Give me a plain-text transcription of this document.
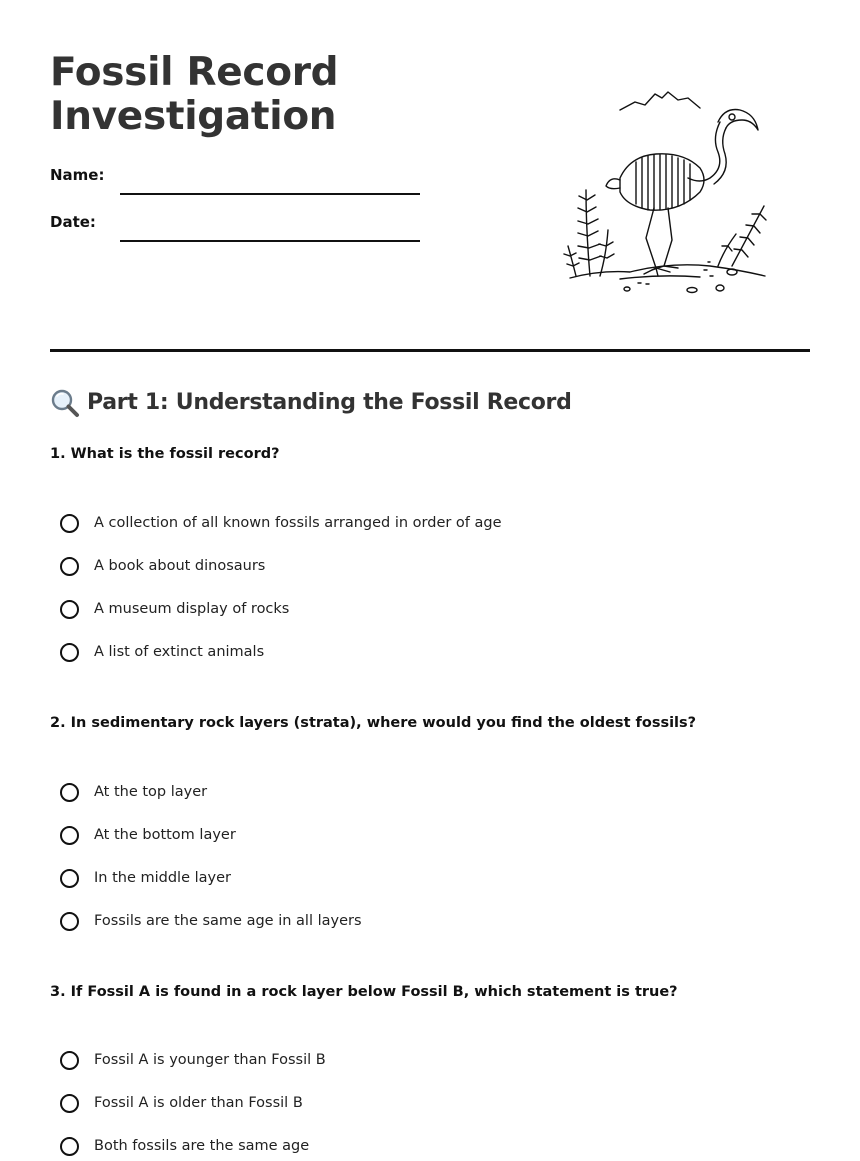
Fossil Record
Investigation
Name:
Date:
Part 1: Understanding the Fossil Record

1. What is the fossil record?

A collection of all known fossils arranged in order of age
A book about dinosaurs
A museum display of rocks
A list of extinct animals

2. In sedimentary rock layers (strata), where would you find the oldest fossils?

At the top layer
At the bottom layer
In the middle layer
Fossils are the same age in all layers

3. If Fossil A is found in a rock layer below Fossil B, which statement is true?

Fossil A is younger than Fossil B
Fossil A is older than Fossil B
Both fossils are the same age
